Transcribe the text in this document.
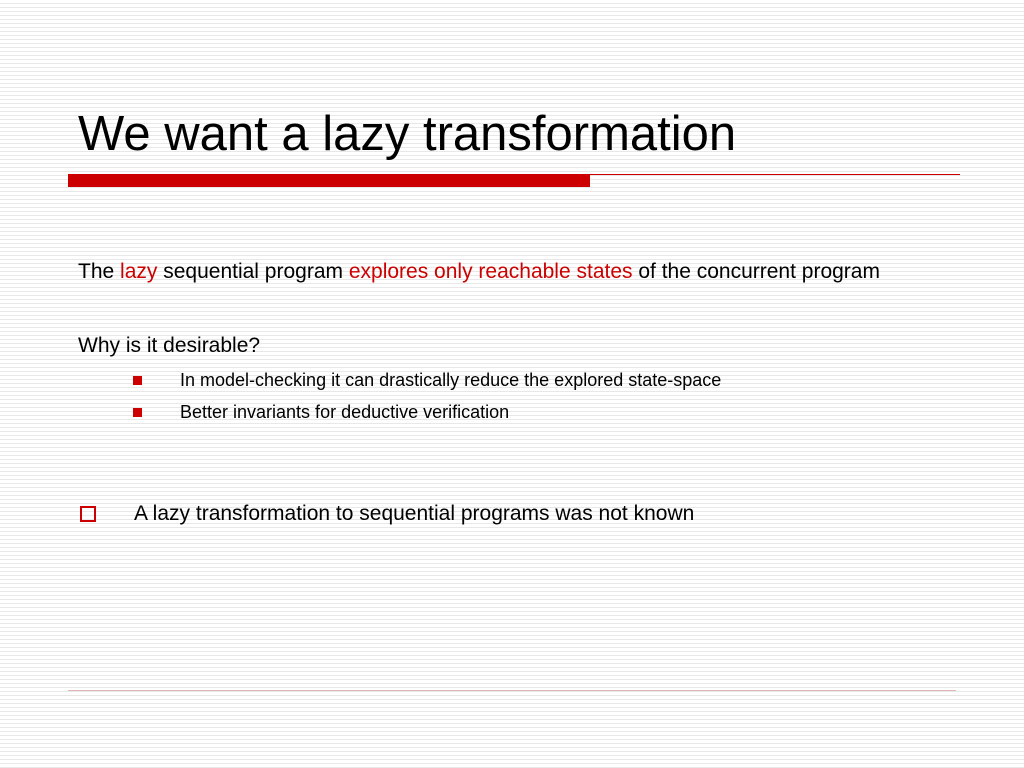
We want a lazy transformation

The lazy sequential program explores only reachable states of the concurrent program

Why is it desirable?

In model-checking it can drastically reduce the explored state-space
Better invariants for deductive verification
A lazy transformation to sequential programs was not known
